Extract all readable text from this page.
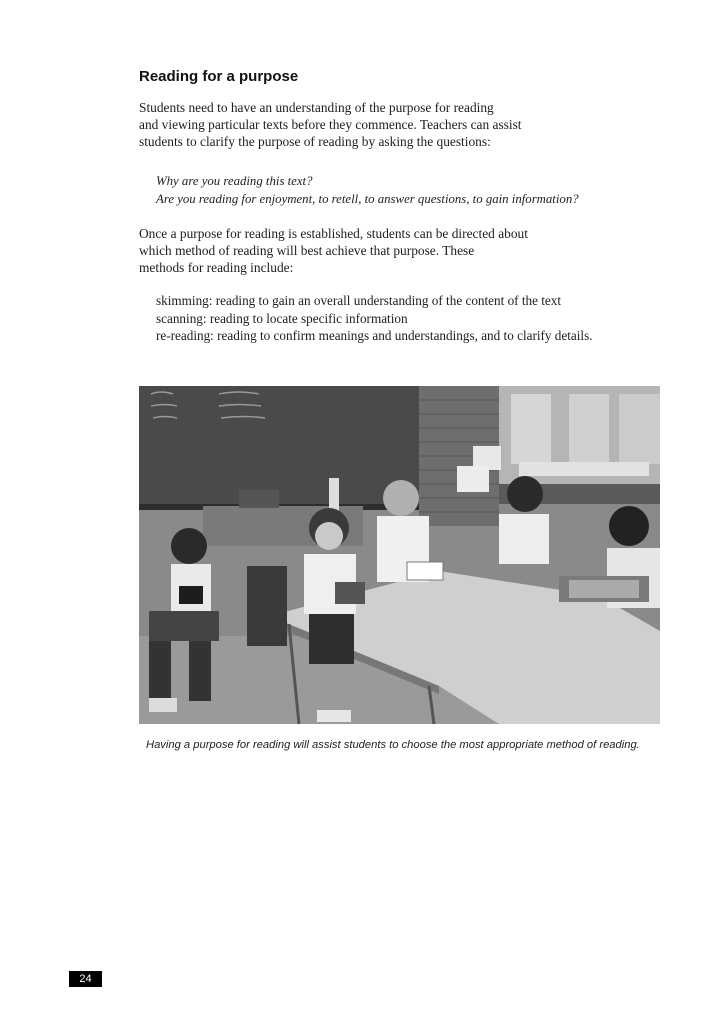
Reading for a purpose

Students need to have an understanding of the purpose for reading

and viewing particular texts before they commence. Teachers can assist

students to clarify the purpose of reading by asking the questions:

Why are you reading this text?
Are you reading for enjoyment, to retell, to answer questions, to gain information?

Once a purpose for reading is established, students can be directed about

which method of reading will best achieve that purpose. These

methods for reading include:

skimming: reading to gain an overall understanding of the content of the text
scanning: reading to locate specific information
re-reading: reading to confirm meanings and understandings, and to clarify details.
Having a purpose for reading will assist students to choose the most appropriate method of reading.
24
